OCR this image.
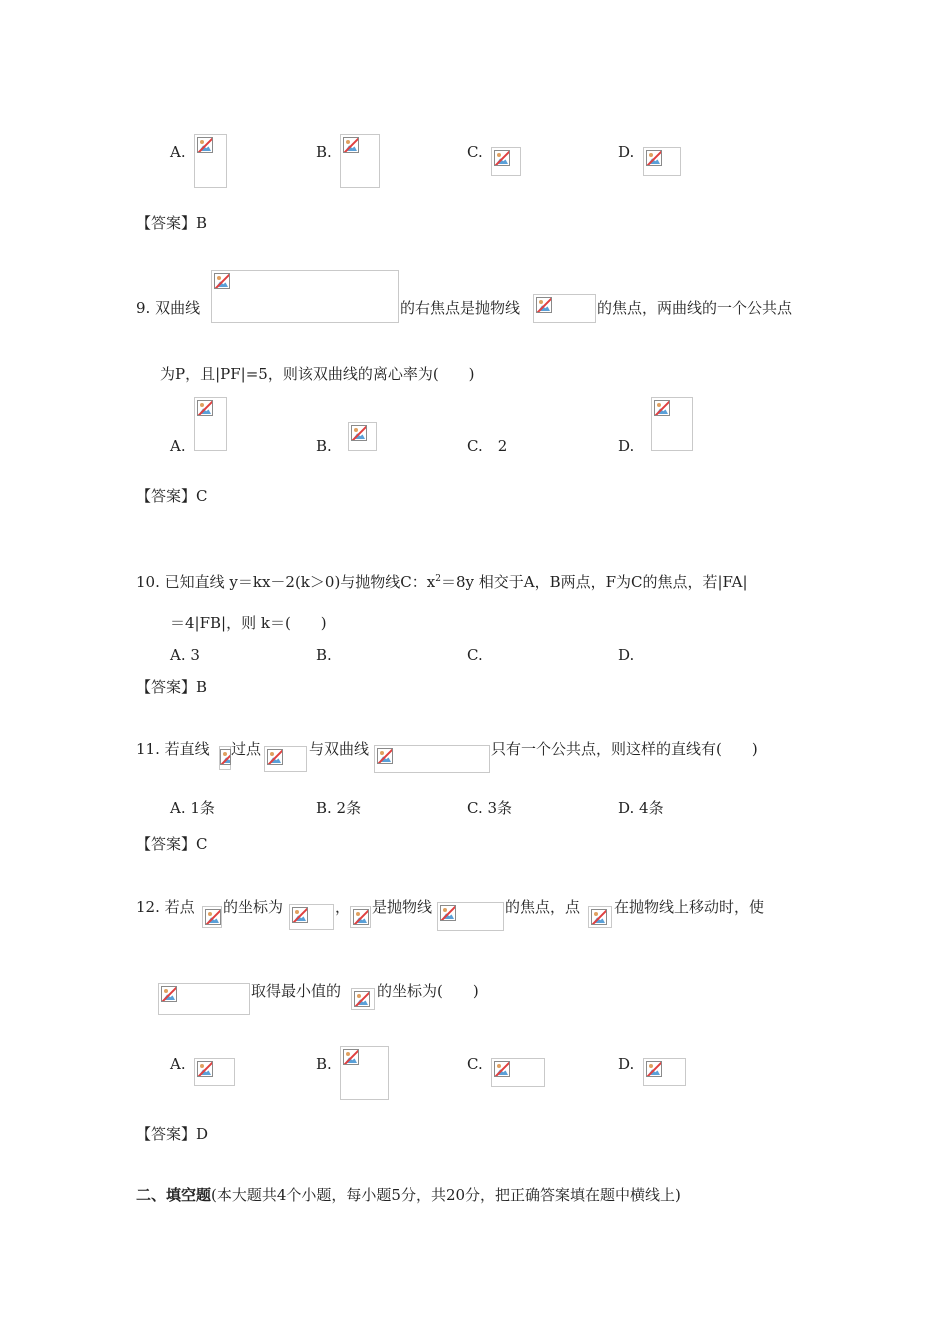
A.	B.	C.	D.
【答案】B
9. 双曲线	的右焦点是抛物线	的焦点，两曲线的一个公共点
为P，且|PF|=5，则该双曲线的离心率为(　　)
A.	B.	C.　2	D.
【答案】C
10. 已知直线 y＝kx－2(k＞0)与抛物线C：$x^2=8y$ 相交于A，B两点，F为C的焦点，若|FA|
＝4|FB|，则 k＝(　　)
A. 3	B.	C.	D.
【答案】B
11. 若直线 过点	与双曲线	只有一个公共点，则这样的直线有(　　)
A. 1条	B. 2条	C. 3条	D. 4条
【答案】C
12. 若点 的坐标为	， 是抛物线	的焦点，点 在抛物线上移动时，使
取得最小值的 的坐标为(　　)
A.	B.	C.	D.
【答案】D
二、填空题(本大题共4个小题，每小题5分，共20分，把正确答案填在题中横线上)
